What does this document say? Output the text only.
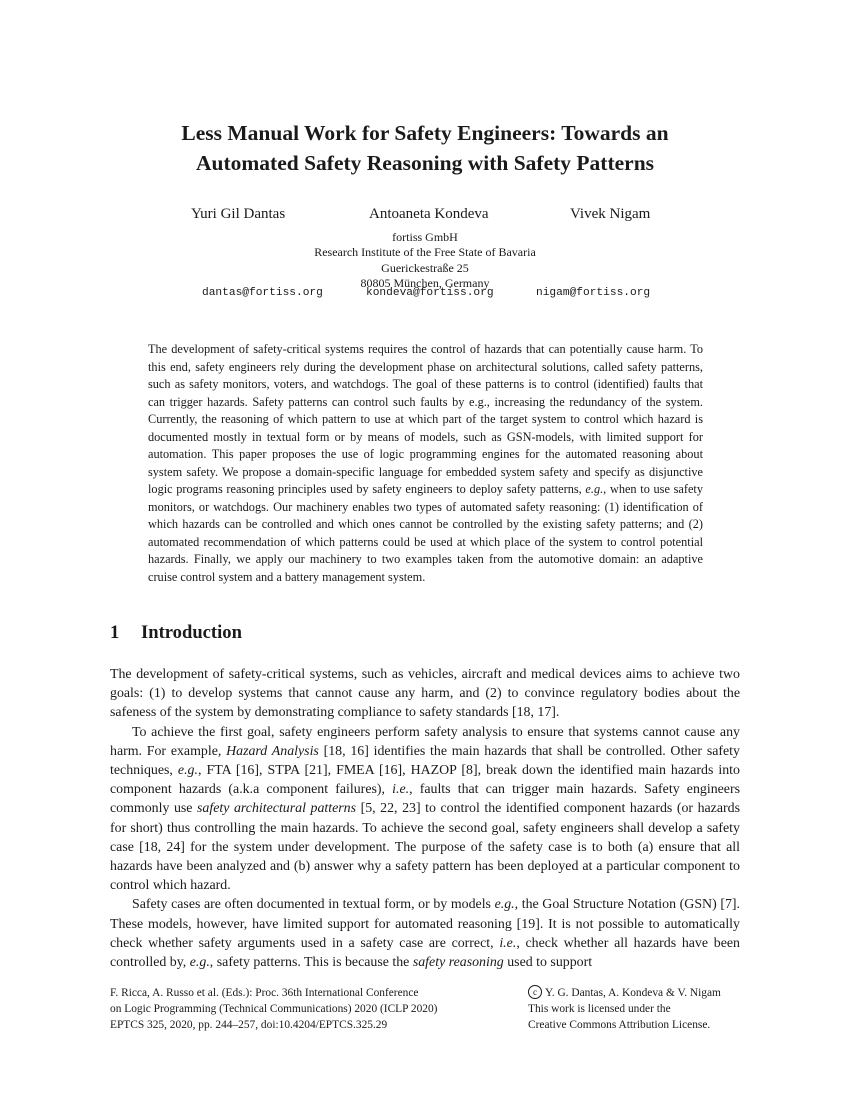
Less Manual Work for Safety Engineers: Towards an
Automated Safety Reasoning with Safety Patterns
Yuri Gil Dantas	Antoaneta Kondeva	Vivek Nigam
fortiss GmbH
Research Institute of the Free State of Bavaria
Guerickestraße 25
80805 München, Germany
dantas@fortiss.org	kondeva@fortiss.org	nigam@fortiss.org

The development of safety-critical systems requires the control of hazards that can potentially cause harm. To this end, safety engineers rely during the development phase on architectural solutions, called safety patterns, such as safety monitors, voters, and watchdogs. The goal of these patterns is to control (identified) faults that can trigger hazards. Safety patterns can control such faults by e.g., increasing the redundancy of the system. Currently, the reasoning of which pattern to use at which part of the target system to control which hazard is documented mostly in textual form or by means of models, such as GSN-models, with limited support for automation. This paper proposes the use of logic programming engines for the automated reasoning about system safety. We propose a domain-specific language for embedded system safety and specify as disjunctive logic programs reasoning principles used by safety engineers to deploy safety patterns, e.g., when to use safety monitors, or watchdogs. Our machinery enables two types of automated safety reasoning: (1) identification of which hazards can be controlled and which ones cannot be controlled by the existing safety patterns; and (2) automated recommendation of which patterns could be used at which place of the system to control potential hazards. Finally, we apply our machinery to two examples taken from the automotive domain: an adaptive cruise control system and a battery management system.

1 Introduction

The development of safety-critical systems, such as vehicles, aircraft and medical devices aims to achieve two goals: (1) to develop systems that cannot cause any harm, and (2) to convince regulatory bodies about the safeness of the system by demonstrating compliance to safety standards [18, 17].

To achieve the first goal, safety engineers perform safety analysis to ensure that systems cannot cause any harm. For example, Hazard Analysis [18, 16] identifies the main hazards that shall be controlled. Other safety techniques, e.g., FTA [16], STPA [21], FMEA [16], HAZOP [8], break down the identified main hazards into component hazards (a.k.a component failures), i.e., faults that can trigger main hazards. Safety engineers commonly use safety architectural patterns [5, 22, 23] to control the identified component hazards (or hazards for short) thus controlling the main hazards. To achieve the second goal, safety engineers shall develop a safety case [18, 24] for the system under development. The purpose of the safety case is to both (a) ensure that all hazards have been analyzed and (b) answer why a safety pattern has been deployed at a particular component to control which hazard.

Safety cases are often documented in textual form, or by models e.g., the Goal Structure Notation (GSN) [7]. These models, however, have limited support for automated reasoning [19]. It is not possible to automatically check whether safety arguments used in a safety case are correct, i.e., check whether all hazards have been controlled by, e.g., safety patterns. This is because the safety reasoning used to support

F. Ricca, A. Russo et al. (Eds.): Proc. 36th International Conference
on Logic Programming (Technical Communications) 2020 (ICLP 2020)
EPTCS 325, 2020, pp. 244–257, doi:10.4204/EPTCS.325.29
c Y. G. Dantas, A. Kondeva & V. Nigam
This work is licensed under the
Creative Commons Attribution License.
